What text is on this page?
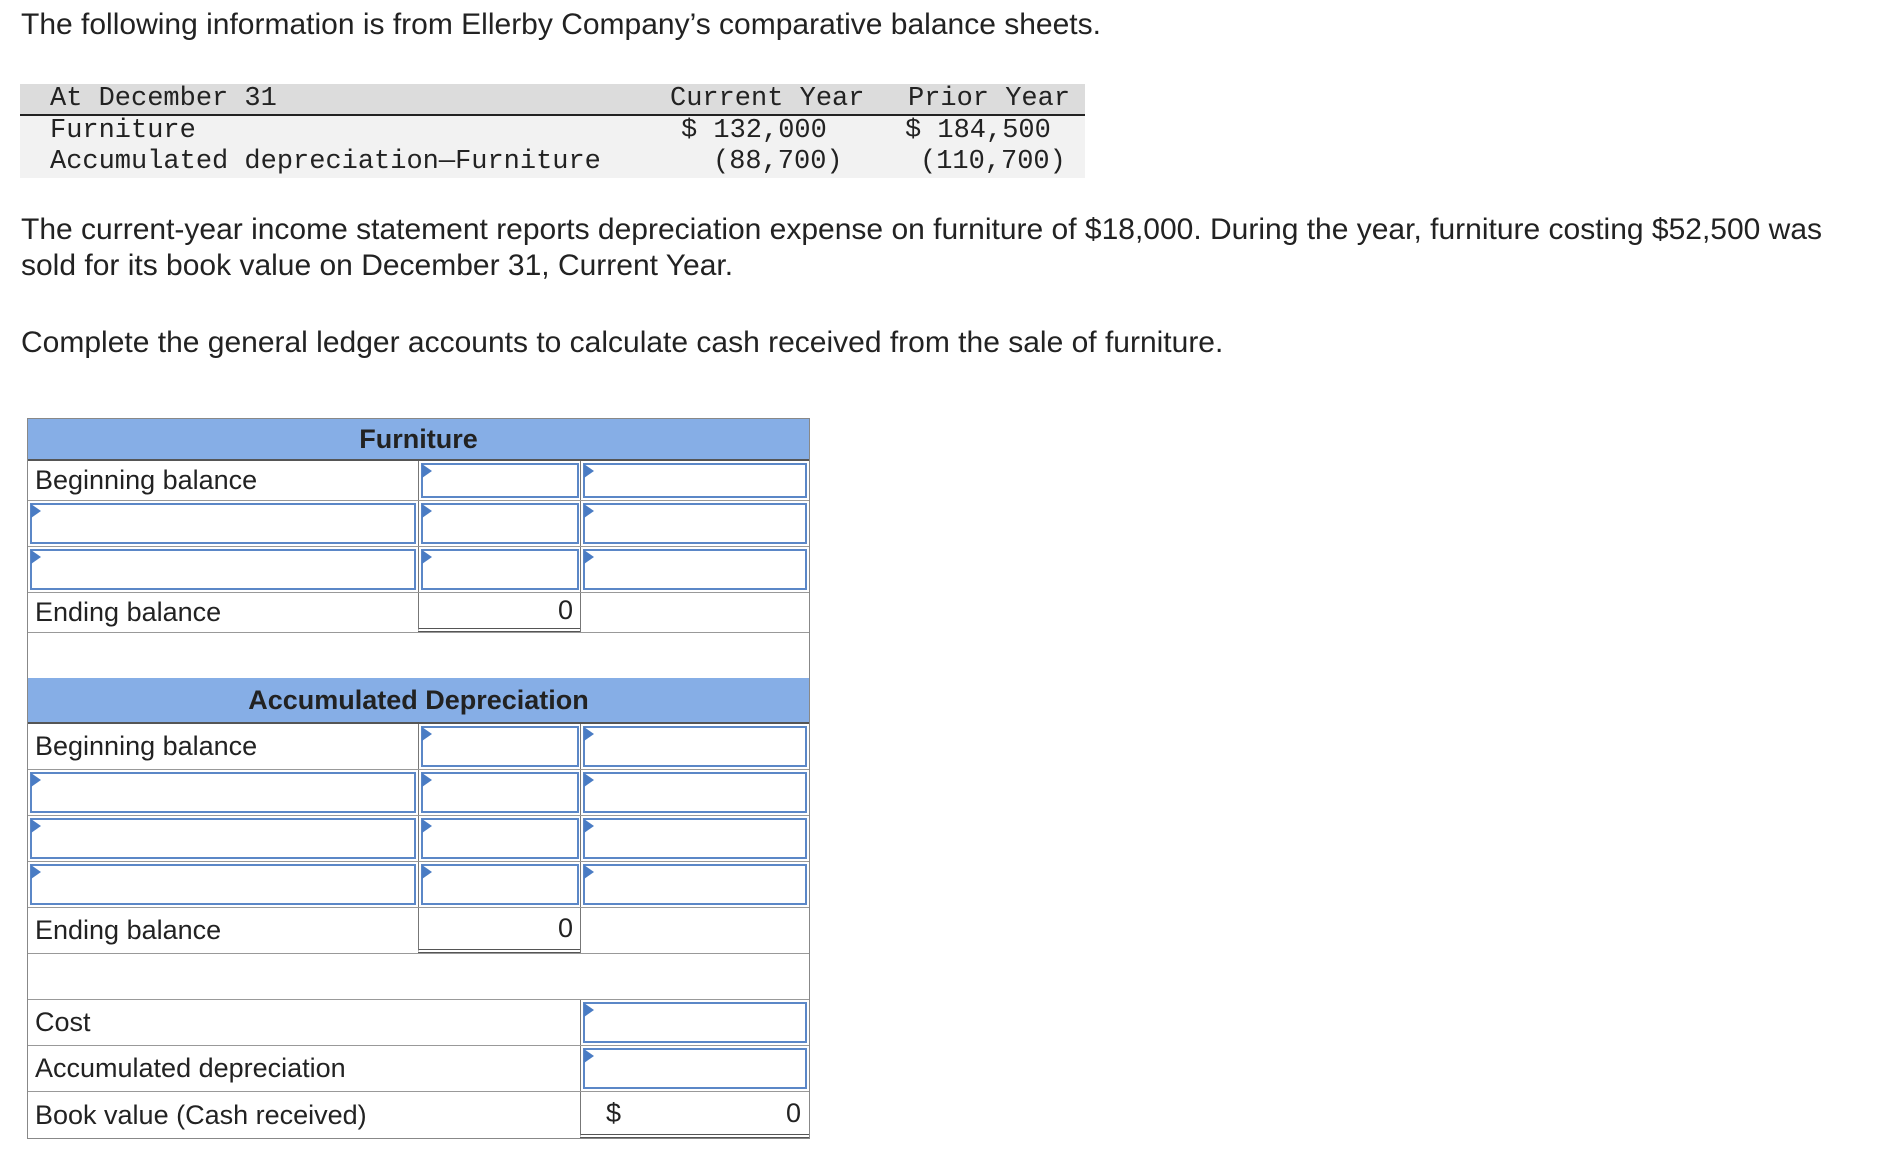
The following information is from Ellerby Company’s comparative balance sheets.

At December 31	Current Year	Prior Year
Furniture	$ 132,000	$ 184,500
Accumulated depreciation—Furniture	(88,700)	(110,700)

The current-year income statement reports depreciation expense on furniture of $18,000. During the year, furniture costing $52,500 was sold for its book value on December 31, Current Year.

Complete the general ledger accounts to calculate cash received from the sale of furniture.

Furniture
Beginning balance
Ending balance	0
Accumulated Depreciation
Beginning balance
Ending balance	0
Cost
Accumulated depreciation
Book value (Cash received)	$	0
